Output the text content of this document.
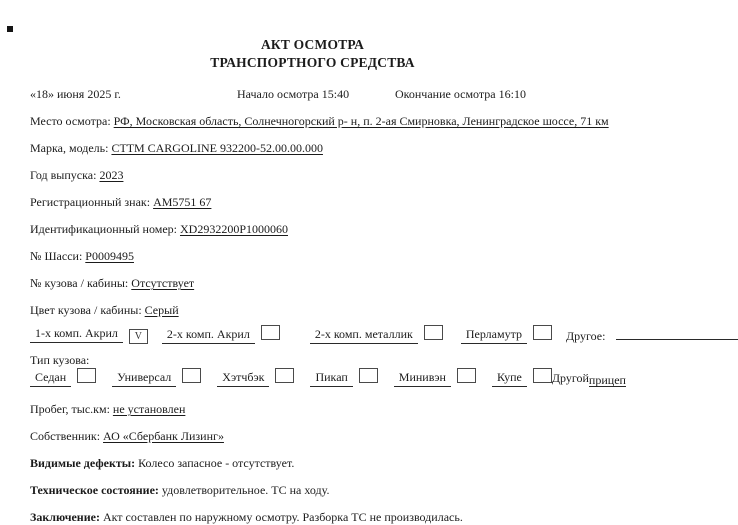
АКТ ОСМОТРА
ТРАНСПОРТНОГО СРЕДСТВА
«18» июня 2025 г.	Начало осмотра 15:40	Окончание осмотра 16:10
Место осмотра: РФ, Московская область, Солнечногорский р- н, п. 2-ая Смирновка, Ленинградское шоссе, 71 км
Марка, модель: СТТМ CARGOLINE 932200-52.00.00.000
Год выпуска: 2023
Регистрационный знак: АМ5751 67
Идентификационный номер: XD2932200P1000060
№ Шасси: P0009495
№ кузова / кабины: Отсутствует
Цвет кузова / кабины: Серый
1-х комп. Акрил V	2-х комп. Акрил	2-х комп. металлик	Перламутр	Другое:
Тип кузова:
Седан	Универсал	Хэтчбэк	Пикап	Минивэн	Купе	Другой прицеп
Пробег, тыс.км: не установлен
Собственник: АО «Сбербанк Лизинг»
Видимые дефекты: Колесо запасное - отсутствует.
Техническое состояние: удовлетворительное. ТС на ходу.
Заключение: Акт составлен по наружному осмотру. Разборка ТС не производилась.
